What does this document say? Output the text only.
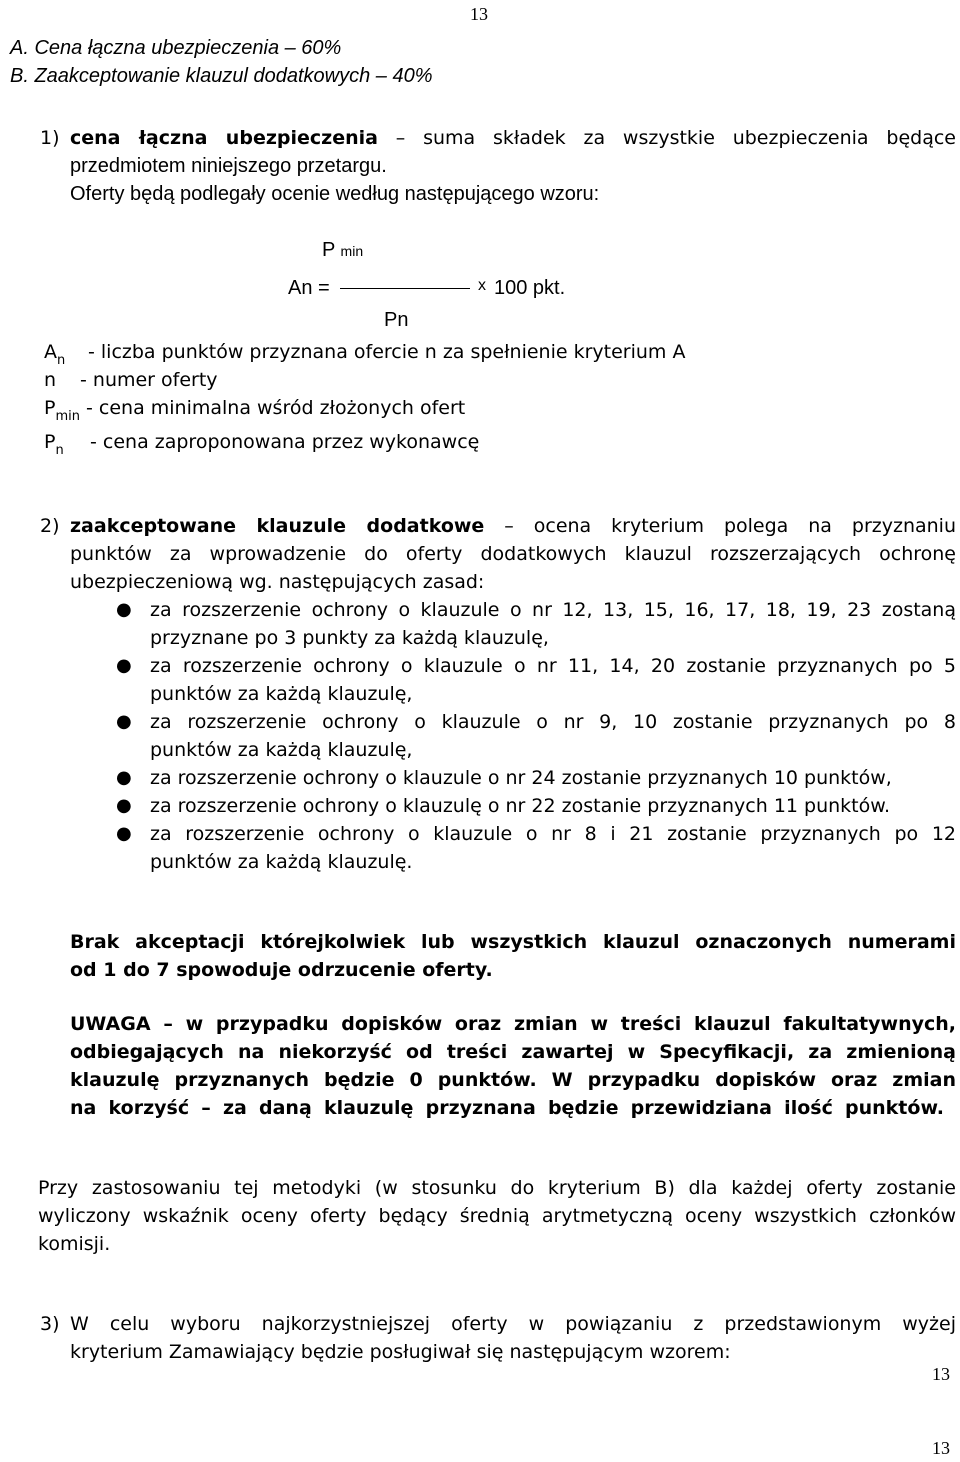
13
A. Cena łączna ubezpieczenia – 60%
B. Zaakceptowanie klauzul dodatkowych – 40%
1) cena łączna ubezpieczenia – suma składek za wszystkie ubezpieczenia będące
przedmiotem niniejszego przetargu.
Oferty będą podlegały ocenie według następującego wzoru:
P min
An =	x 100 pkt.
Pn
$A_n$ - liczba punktów przyznana ofercie n za spełnienie kryterium A
n - numer oferty
$P_{min}$ - cena minimalna wśród złożonych ofert
$P_n$ - cena zaproponowana przez wykonawcę
2) zaakceptowane klauzule dodatkowe – ocena kryterium polega na przyznaniu
punktów za wprowadzenie do oferty dodatkowych klauzul rozszerzających ochronę
ubezpieczeniową wg. następujących zasad:
● za rozszerzenie ochrony o klauzule o nr 12, 13, 15, 16, 17, 18, 19, 23 zostaną
przyznane po 3 punkty za każdą klauzulę,
● za rozszerzenie ochrony o klauzule o nr 11, 14, 20 zostanie przyznanych po 5
punktów za każdą klauzulę,
● za rozszerzenie ochrony o klauzule o nr 9, 10 zostanie przyznanych po 8
punktów za każdą klauzulę,
● za rozszerzenie ochrony o klauzule o nr 24 zostanie przyznanych 10 punktów,
● za rozszerzenie ochrony o klauzulę o nr 22 zostanie przyznanych 11 punktów.
● za rozszerzenie ochrony o klauzule o nr 8 i 21 zostanie przyznanych po 12
punktów za każdą klauzulę.
Brak akceptacji którejkolwiek lub wszystkich klauzul oznaczonych numerami
od 1 do 7 spowoduje odrzucenie oferty.
UWAGA – w przypadku dopisków oraz zmian w treści klauzul fakultatywnych,
odbiegających na niekorzyść od treści zawartej w Specyfikacji, za zmienioną
klauzulę przyznanych będzie 0 punktów. W przypadku dopisków oraz zmian
na korzyść – za daną klauzulę przyznana będzie przewidziana ilość punktów.
Przy zastosowaniu tej metodyki (w stosunku do kryterium B) dla każdej oferty zostanie
wyliczony wskaźnik oceny oferty będący średnią arytmetyczną oceny wszystkich członków
komisji.
3) W celu wyboru najkorzystniejszej oferty w powiązaniu z przedstawionym wyżej
kryterium Zamawiający będzie posługiwał się następującym wzorem:
13
13
